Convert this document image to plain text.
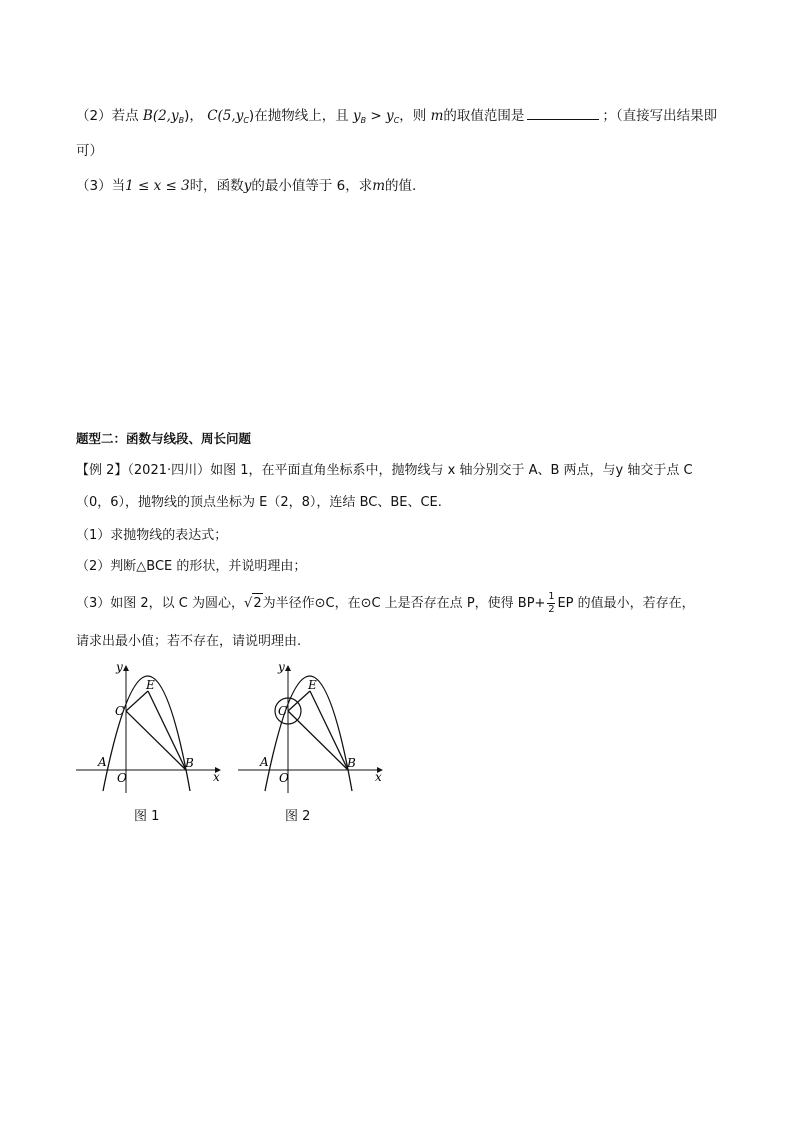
（2）若点 $B(2,y_B)$， $C(5,y_C)$在抛物线上，且 $y_B > y_C$，则 m的取值范围是	；（直接写出结果即
可）
（3）当1 ≤ x ≤ 3时，函数y的最小值等于 6，求m的值.
题型二：函数与线段、周长问题
【例 2】（2021·四川）如图 1，在平面直角坐标系中，抛物线与 x 轴分别交于 A、B 两点，与y 轴交于点 C
（0，6），抛物线的顶点坐标为 E（2，8），连结 BC、BE、CE.
（1）求抛物线的表达式；
（2）判断△BCE 的形状，并说明理由；
（3）如图 2，以 C 为圆心，√2为半径作⊙C，在⊙C 上是否存在点 P，使得 $BP+ \frac{1}{2}$ EP 的值最小，若存在，
请求出最小值；若不存在，请说明理由.
y
x
O
A	B
C
E
图 1
y
x
O
A	B
C
E
图 2
